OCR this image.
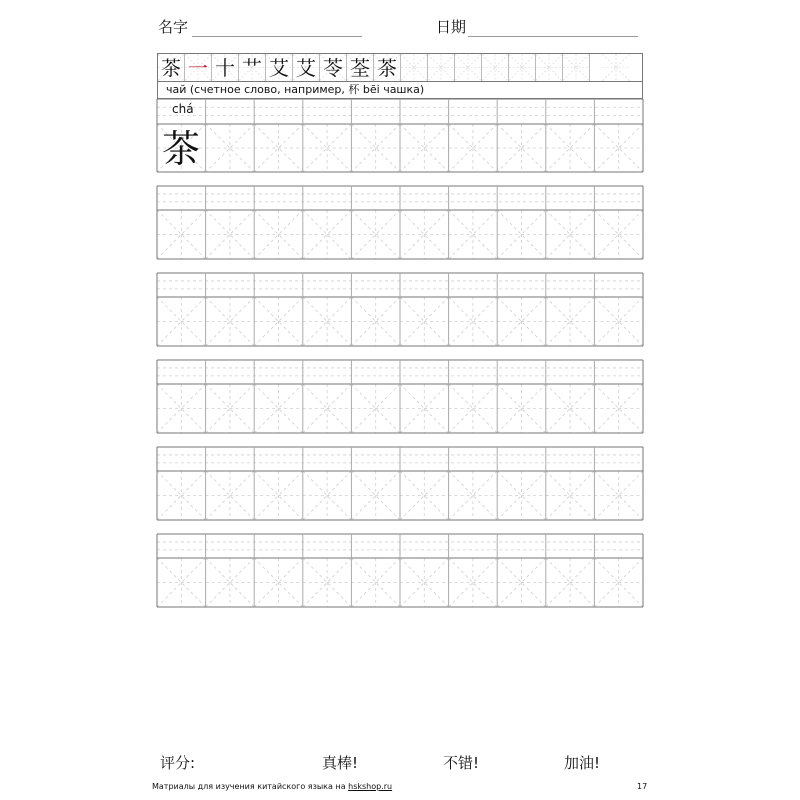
名字	日期
茶 一 十 艹 艾 艾 苓 荃 茶
чай (счетное слово, например, 杯 bēi чашка)
chá
茶
评分:	真棒!	不错!	加油!
Матриалы для изучения китайского языка на hskshop.ru	17
